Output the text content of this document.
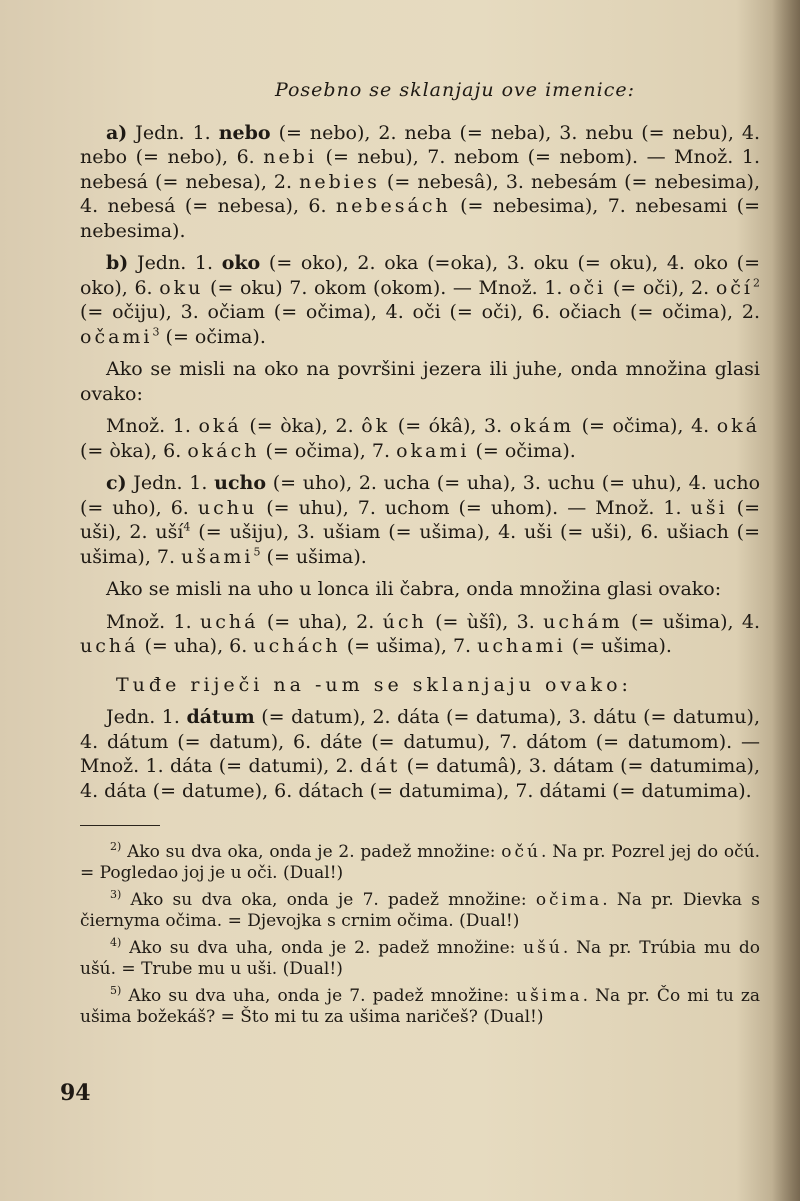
Posebno se sklanjaju ove imenice:

a) Jedn. 1. nebo (= nebo), 2. neba (= neba), 3. nebu (= nebu), 4. nebo (= nebo), 6. nebi (= nebu), 7. nebom (= nebom). — Množ. 1. nebesá (= nebesa), 2. nebies (= nebesâ), 3. nebesám (= nebesima), 4. nebesá (= nebesa), 6. nebesách (= nebesima), 7. nebesami (= nebesima).

b) Jedn. 1. oko (= oko), 2. oka (=oka), 3. oku (= oku), 4. oko (= oko), 6. oku (= oku) 7. okom (okom). — Množ. 1. oči (= oči), 2. očí$^2$ (= očiju), 3. očiam (= očima), 4. oči (= oči), 6. očiach (= očima), 2. očami$^3$ (= očima).

Ako se misli na oko na površini jezera ili juhe, onda množina glasi ovako:

Množ. 1. oká (= òka), 2. ôk (= ókâ), 3. okám (= očima), 4. oká (= òka), 6. okách (= očima), 7. okami (= očima).

c) Jedn. 1. ucho (= uho), 2. ucha (= uha), 3. uchu (= uhu), 4. ucho (= uho), 6. uchu (= uhu), 7. uchom (= uhom). — Množ. 1. uši (= uši), 2. uší$^4$ (= ušiju), 3. ušiam (= ušima), 4. uši (= uši), 6. ušiach (= ušima), 7. ušami$^5$ (= ušima).

Ako se misli na uho u lonca ili čabra, onda množina glasi ovako:

Množ. 1. uchá (= uha), 2. úch (= ùšî), 3. uchám (= ušima), 4. uchá (= uha), 6. uchách (= ušima), 7. uchami (= ušima).

Tuđe riječi na -um se sklanjaju ovako:

Jedn. 1. dátum (= datum), 2. dáta (= datuma), 3. dátu (= datumu), 4. dátum (= datum), 6. dáte (= datumu), 7. dátom (= datumom). — Množ. 1. dáta (= datumi), 2. dát (= datumâ), 3. dátam (= datumima), 4. dáta (= datume), 6. dátach (= datumima), 7. dátami (= datumima).

$^{2)}$ Ako su dva oka, onda je 2. padež množine: očú. Na pr. Pozrel jej do očú. = Pogledao joj je u oči. (Dual!)

$^{3)}$ Ako su dva oka, onda je 7. padež množine: očima. Na pr. Dievka s čiernyma očima. = Djevojka s crnim očima. (Dual!)

$^{4)}$ Ako su dva uha, onda je 2. padež množine: ušú. Na pr. Trúbia mu do ušú. = Trube mu u uši. (Dual!)

$^{5)}$ Ako su dva uha, onda je 7. padež množine: ušima. Na pr. Čo mi tu za ušima božekáš? = Što mi tu za ušima naričeš? (Dual!)

94
